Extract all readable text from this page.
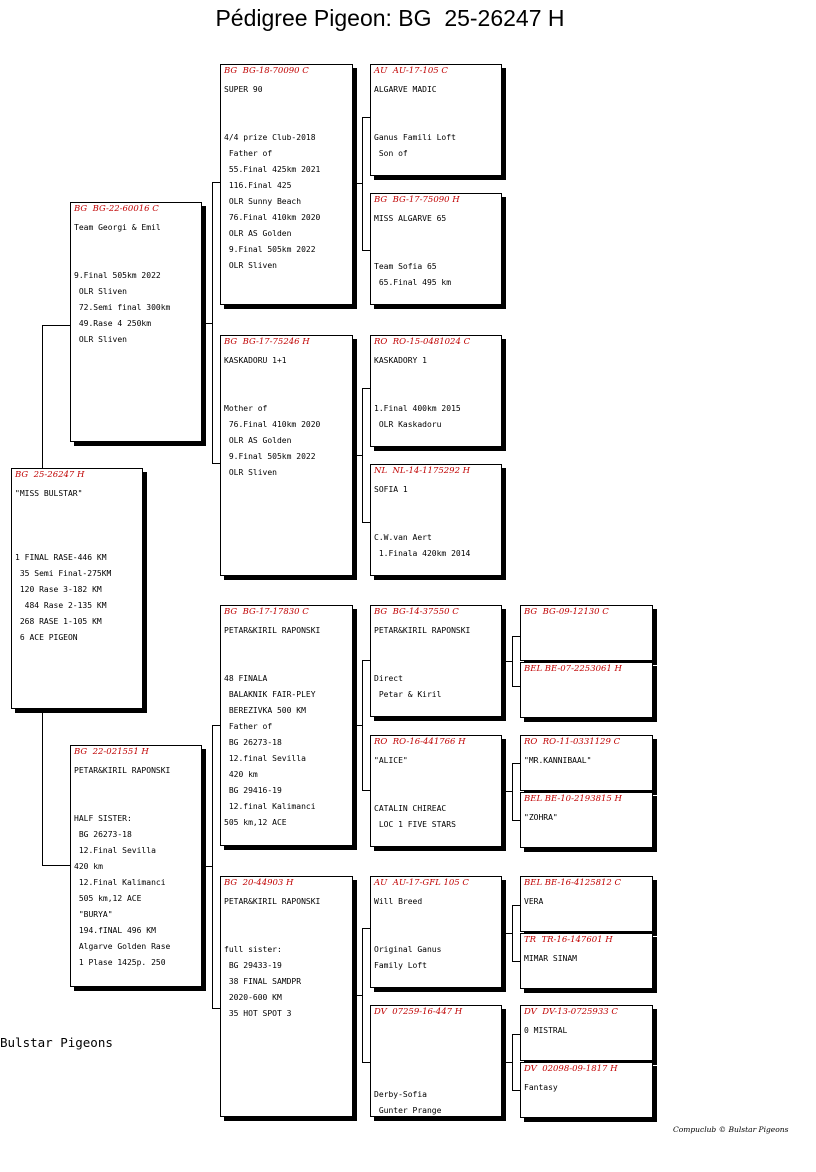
Pédigree Pigeon: BG  25-26247 H
BG  25-26247 H
"MISS BULSTAR"
1 FINAL RASE-446 KM
35 Semi Final-275KM
120 Rase 3-182 KM
484 Rase 2-135 KM
268 RASE 1-105 KM
6 ACE PIGEON
BG  BG-22-60016 C
Team Georgi & Emil
9.Final 505km 2022
OLR Sliven
72.Semi final 300km
49.Rase 4 250km
OLR Sliven
BG  22-021551 H
PETAR&KIRIL RAPONSKI
HALF SISTER:
BG 26273-18
12.Final Sevilla
420 km
12.Final Kalimanci
505 km,12 ACE
"BURYA"
194.fINAL 496 KM
Algarve Golden Rase
1 Plase 1425p. 250
BG  BG-18-70090 C
SUPER 90
4/4 prize Club-2018
Father of
55.Final 425km 2021
116.Final 425
OLR Sunny Beach
76.Final 410km 2020
OLR AS Golden
9.Final 505km 2022
OLR Sliven
BG  BG-17-75246 H
KASKADORU 1+1
Mother of
76.Final 410km 2020
OLR AS Golden
9.Final 505km 2022
OLR Sliven
BG  BG-17-17830 C
PETAR&KIRIL RAPONSKI
48 FINALA
BALAKNIK FAIR-PLEY
BEREZIVKA 500 KM
Father of
BG 26273-18
12.final Sevilla
420 km
BG 29416-19
12.final Kalimanci
505 km,12 ACE
BG  20-44903 H
PETAR&KIRIL RAPONSKI
full sister:
BG 29433-19
38 FINAL SAMDPR
2020-600 KM
35 HOT SPOT 3
AU  AU-17-105 C
ALGARVE MADIC
Ganus Famili Loft
Son of
BG  BG-17-75090 H
MISS ALGARVE 65
Team Sofia 65
65.Final 495 km
RO  RO-15-0481024 C
KASKADORY 1
1.Final 400km 2015
OLR Kaskadoru
NL  NL-14-1175292 H
SOFIA 1
C.W.van Aert
1.Finala 420km 2014
BG  BG-14-37550 C
PETAR&KIRIL RAPONSKI
Direct
Petar & Kiril
RO  RO-16-441766 H
"ALICE"
CATALIN CHIREAC
LOC 1 FIVE STARS
AU  AU-17-GFL 105 C
Will Breed
Original Ganus
Family Loft
DV  07259-16-447 H
Derby-Sofia
Gunter Prange
BG  BG-09-12130 C
BEL BE-07-2253061 H
RO  RO-11-0331129 C
"MR.KANNIBAAL"
BEL BE-10-2193815 H
"ZOHRA"
BEL BE-16-4125812 C
VERA
TR  TR-16-147601 H
MIMAR SINAM
DV  DV-13-0725933 C
0 MISTRAL
DV  02098-09-1817 H
Fantasy
Bulstar Pigeons
Compuclub © Bulstar Pigeons
